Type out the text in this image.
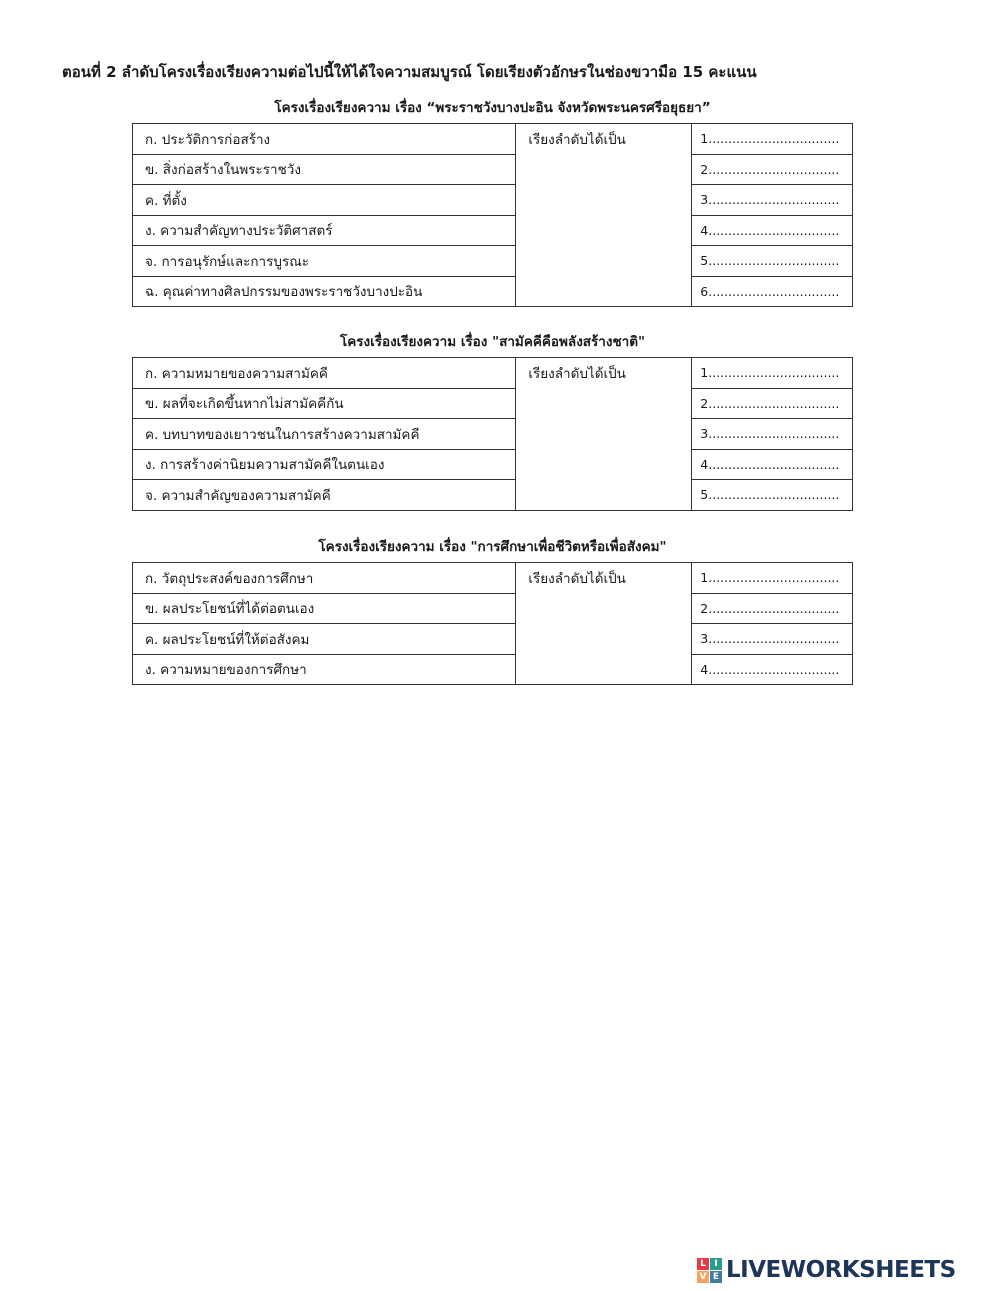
ตอนที่ 2 ลำดับโครงเรื่องเรียงความต่อไปนี้ให้ได้ใจความสมบูรณ์ โดยเรียงตัวอักษรในช่องขวามือ 15 คะแนน
โครงเรื่องเรียงความ เรื่อง “พระราชวังบางปะอิน จังหวัดพระนครศรีอยุธยา”
ก. ประวัติการก่อสร้าง	เรียงลำดับได้เป็น	1.................................
ข. สิ่งก่อสร้างในพระราชวัง		2.................................
ค. ที่ตั้ง		3.................................
ง. ความสำคัญทางประวัติศาสตร์		4.................................
จ. การอนุรักษ์และการบูรณะ		5.................................
ฉ. คุณค่าทางศิลปกรรมของพระราชวังบางปะอิน		6.................................
โครงเรื่องเรียงความ เรื่อง "สามัคคีคือพลังสร้างชาติ"
ก. ความหมายของความสามัคคี	เรียงลำดับได้เป็น	1.................................
ข. ผลที่จะเกิดขึ้นหากไม่สามัคคีกัน		2.................................
ค. บทบาทของเยาวชนในการสร้างความสามัคคี		3.................................
ง. การสร้างค่านิยมความสามัคคีในตนเอง		4.................................
จ. ความสำคัญของความสามัคคี		5.................................
โครงเรื่องเรียงความ เรื่อง "การศึกษาเพื่อชีวิตหรือเพื่อสังคม"
ก. วัตถุประสงค์ของการศึกษา	เรียงลำดับได้เป็น	1.................................
ข. ผลประโยชน์ที่ได้ต่อตนเอง		2.................................
ค. ผลประโยชน์ที่ให้ต่อสังคม		3.................................
ง. ความหมายของการศึกษา		4.................................
L I
V E LIVEWORKSHEETS
